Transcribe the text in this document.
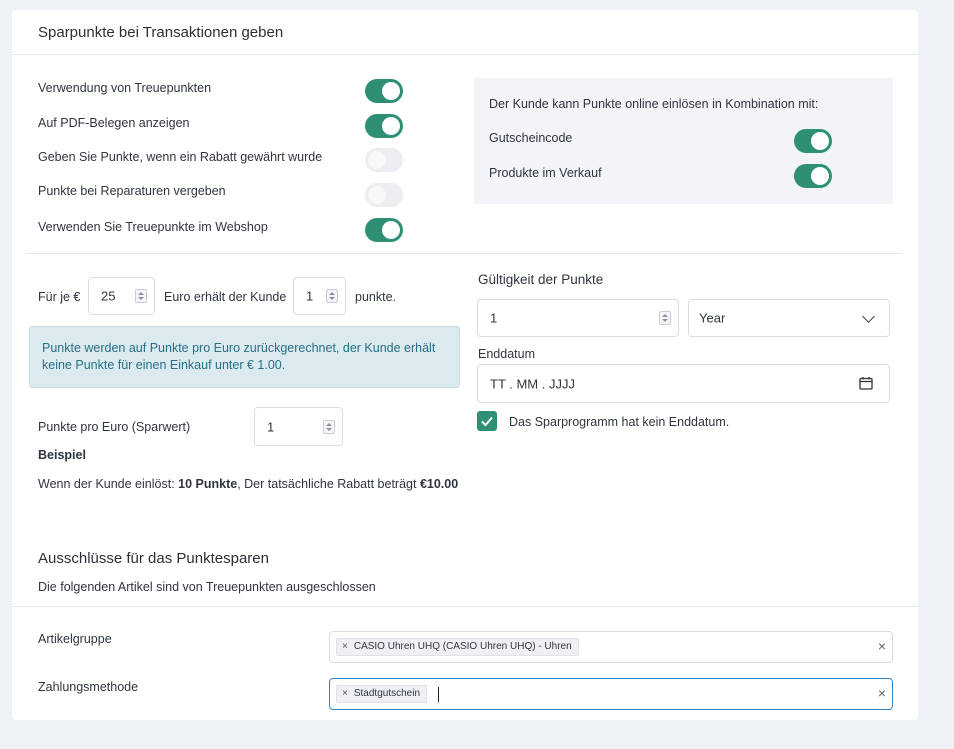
Sparpunkte bei Transaktionen geben
Verwendung von Treuepunkten
Auf PDF-Belegen anzeigen
Geben Sie Punkte, wenn ein Rabatt gewährt wurde
Punkte bei Reparaturen vergeben
Verwenden Sie Treuepunkte im Webshop
Der Kunde kann Punkte online einlösen in Kombination mit:
Gutscheincode
Produkte im Verkauf
Für je € 25	Euro erhält der Kunde 1	punkte.
Punkte werden auf Punkte pro Euro zurückgerechnet, der Kunde erhält keine Punkte für einen Einkauf unter € 1.00.
Punkte pro Euro (Sparwert)	1
Beispiel
Wenn der Kunde einlöst: 10 Punkte, Der tatsächliche Rabatt beträgt €10.00
Gültigkeit der Punkte
1	Year
Enddatum
TT . MM . JJJJ
Das Sparprogramm hat kein Enddatum.
Ausschlüsse für das Punktesparen
Die folgenden Artikel sind von Treuepunkten ausgeschlossen
Artikelgruppe
× CASIO Uhren UHQ (CASIO Uhren UHQ) - Uhren	×
Zahlungsmethode	× Stadtgutschein	×
